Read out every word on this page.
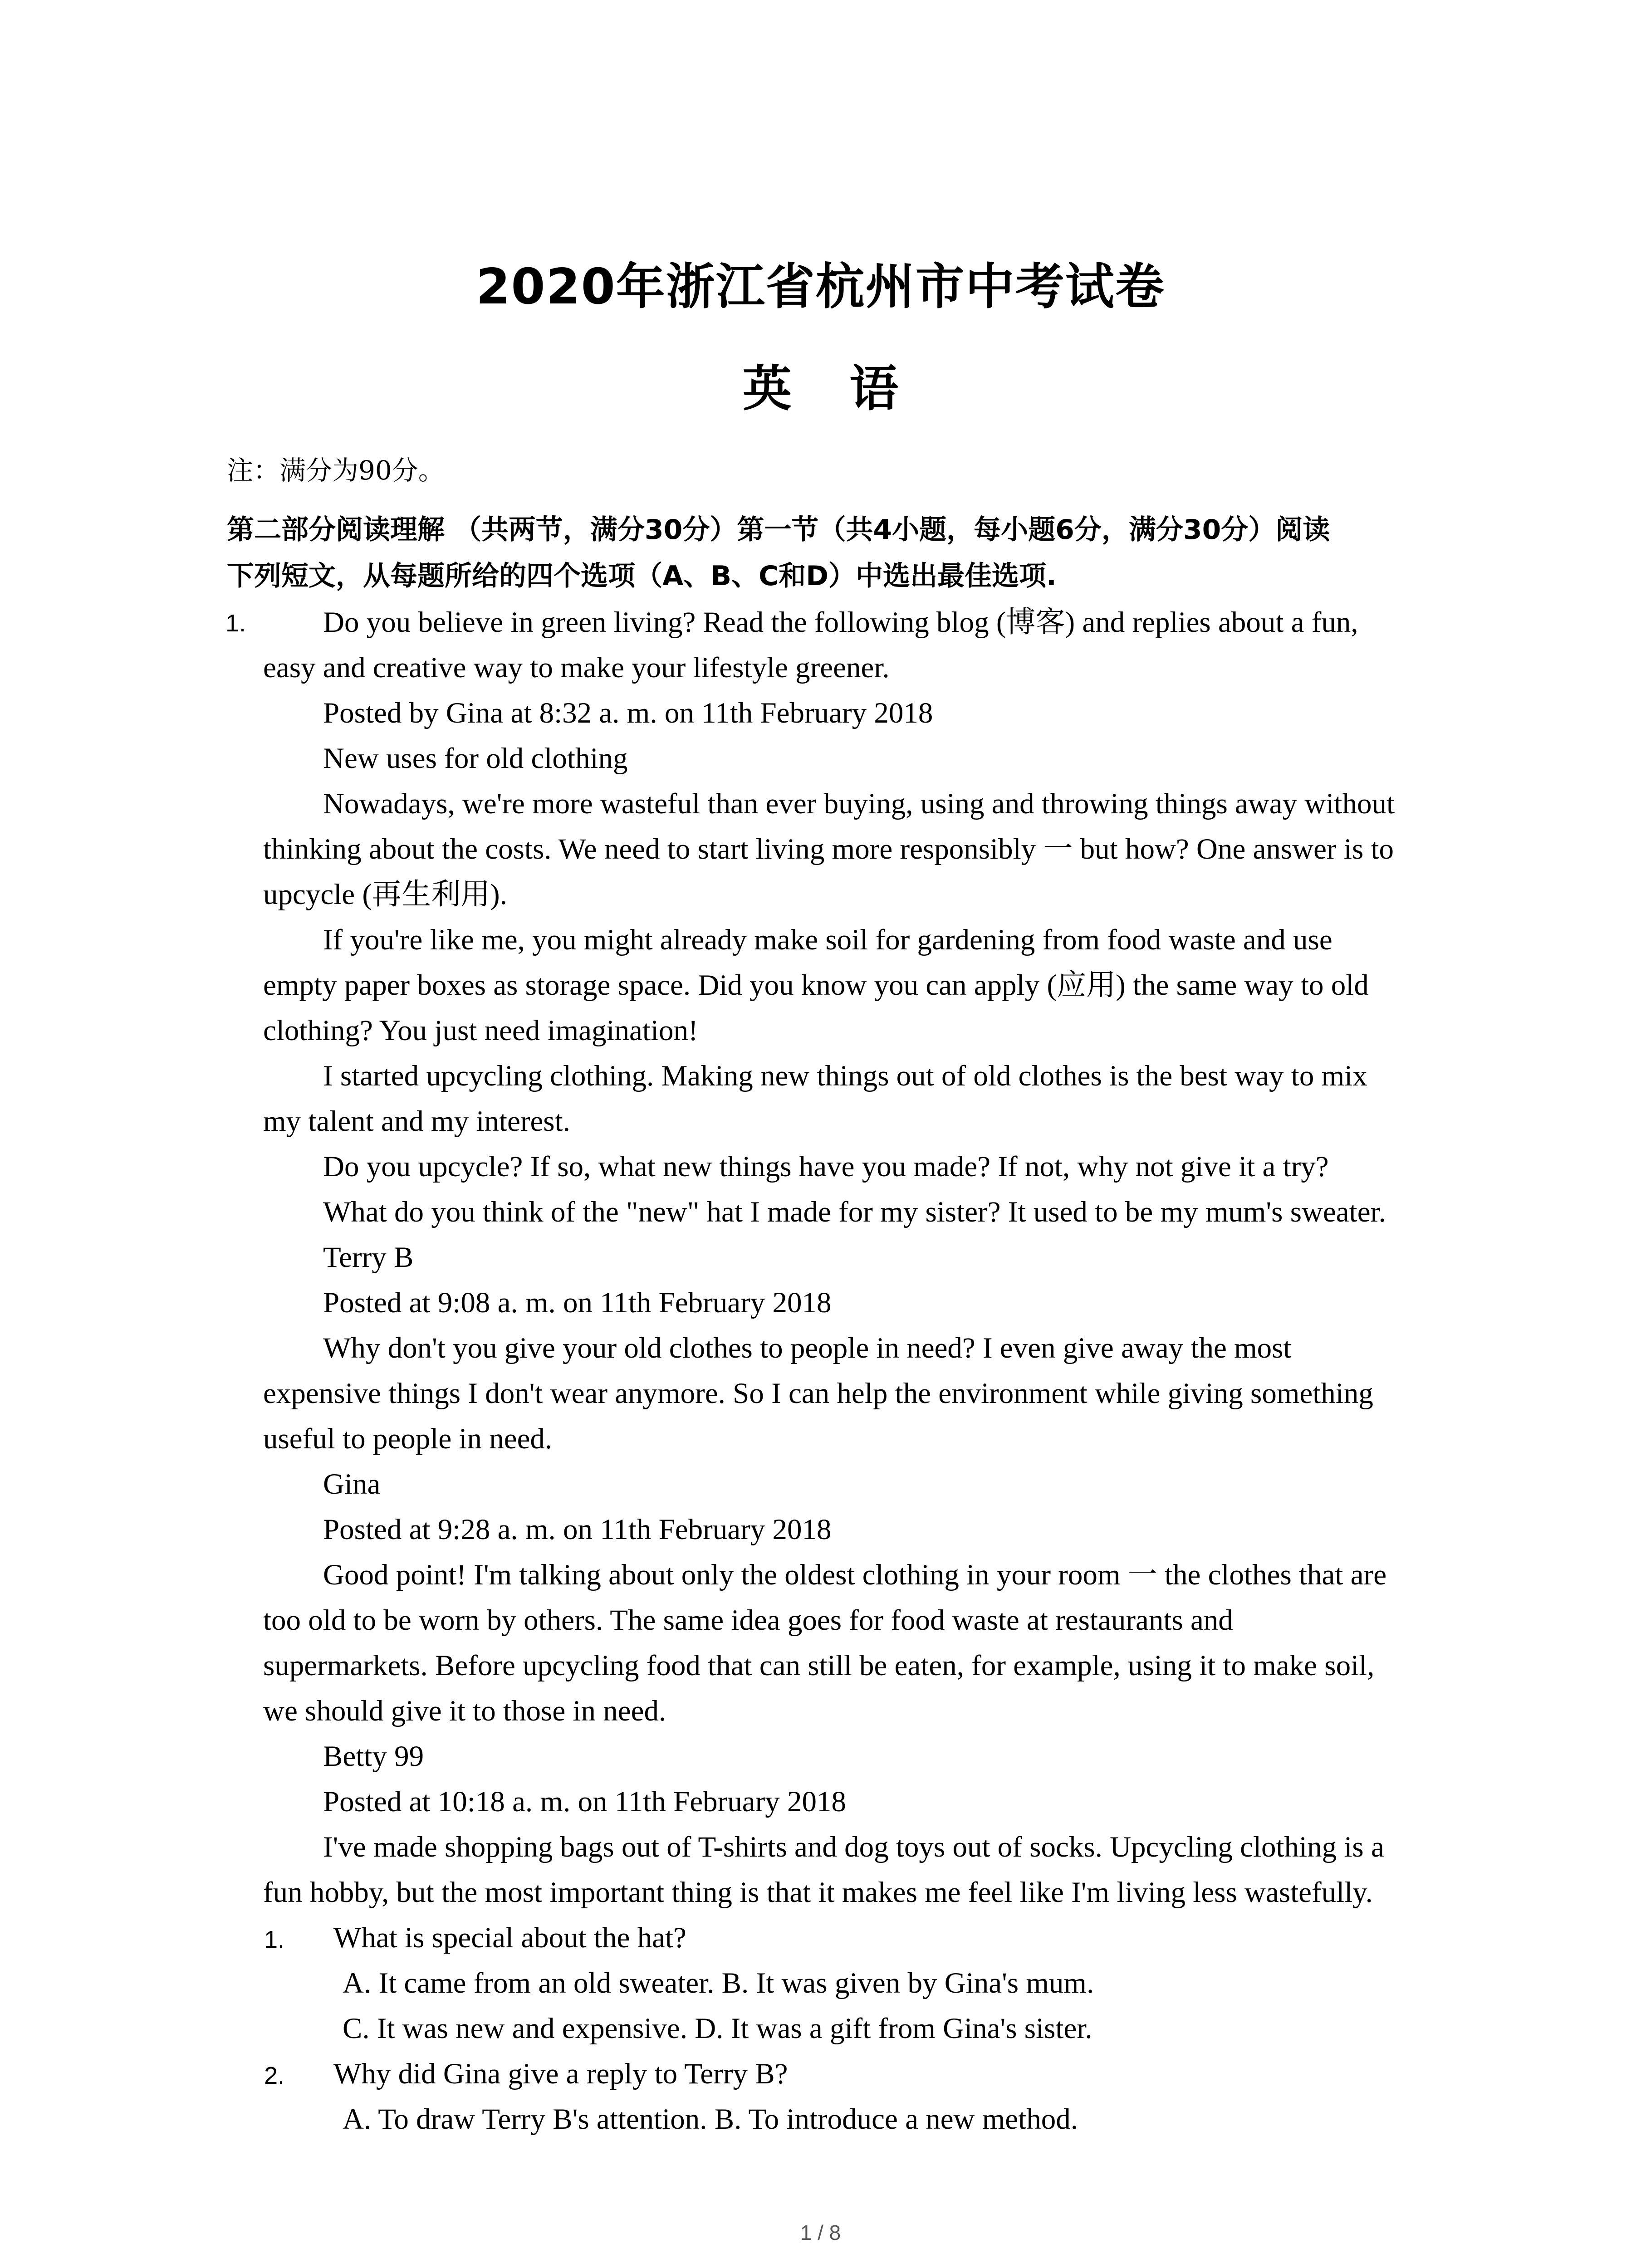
2020年浙江省杭州市中考试卷
英 语
注：满分为90分。
第二部分阅读理解 （共两节，满分30分）第一节（共4小题，每小题6分，满分30分）阅读
下列短文，从每题所给的四个选项（A、B、C和D）中选出最佳选项.
1.	Do you believe in green living? Read the following blog (博客) and replies about a fun,
easy and creative way to make your lifestyle greener.
Posted by Gina at 8:32 a. m. on 11th February 2018
New uses for old clothing
Nowadays, we're more wasteful than ever buying, using and throwing things away without
thinking about the costs. We need to start living more responsibly 一 but how? One answer is to
upcycle (再生利用).
If you're like me, you might already make soil for gardening from food waste and use
empty paper boxes as storage space. Did you know you can apply (应用) the same way to old
clothing? You just need imagination!
I started upcycling clothing. Making new things out of old clothes is the best way to mix
my talent and my interest.
Do you upcycle? If so, what new things have you made? If not, why not give it a try?
What do you think of the "new" hat I made for my sister? It used to be my mum's sweater.
Terry B
Posted at 9:08 a. m. on 11th February 2018
Why don't you give your old clothes to people in need? I even give away the most
expensive things I don't wear anymore. So I can help the environment while giving something
useful to people in need.
Gina
Posted at 9:28 a. m. on 11th February 2018
Good point! I'm talking about only the oldest clothing in your room 一 the clothes that are
too old to be worn by others. The same idea goes for food waste at restaurants and
supermarkets. Before upcycling food that can still be eaten, for example, using it to make soil,
we should give it to those in need.
Betty 99
Posted at 10:18 a. m. on 11th February 2018
I've made shopping bags out of T-shirts and dog toys out of socks. Upcycling clothing is a
fun hobby, but the most important thing is that it makes me feel like I'm living less wastefully.
1. What is special about the hat?
A. It came from an old sweater. B. It was given by Gina's mum.
C. It was new and expensive. D. It was a gift from Gina's sister.
2. Why did Gina give a reply to Terry B?
A. To draw Terry B's attention. B. To introduce a new method.
1 / 8
